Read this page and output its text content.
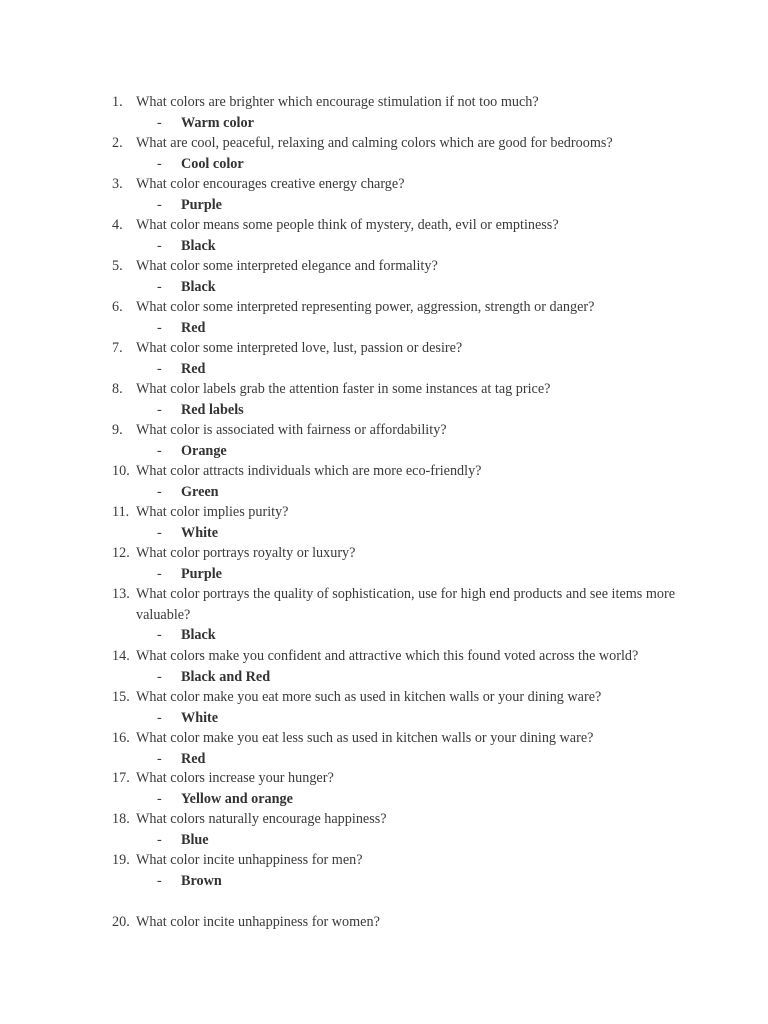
1. What colors are brighter which encourage stimulation if not too much?
- Warm color
2. What are cool, peaceful, relaxing and calming colors which are good for bedrooms?
- Cool color
3. What color encourages creative energy charge?
- Purple
4. What color means some people think of mystery, death, evil or emptiness?
- Black
5. What color some interpreted elegance and formality?
- Black
6. What color some interpreted representing power, aggression, strength or danger?
- Red
7. What color some interpreted love, lust, passion or desire?
- Red
8. What color labels grab the attention faster in some instances at tag price?
- Red labels
9. What color is associated with fairness or affordability?
- Orange
10. What color attracts individuals which are more eco-friendly?
- Green
11. What color implies purity?
- White
12. What color portrays royalty or luxury?
- Purple
13. What color portrays the quality of sophistication, use for high end products and see items more valuable?
- Black
14. What colors make you confident and attractive which this found voted across the world?
- Black and Red
15. What color make you eat more such as used in kitchen walls or your dining ware?
- White
16. What color make you eat less such as used in kitchen walls or your dining ware?
- Red
17. What colors increase your hunger?
- Yellow and orange
18. What colors naturally encourage happiness?
- Blue
19. What color incite unhappiness for men?
- Brown
20. What color incite unhappiness for women?
